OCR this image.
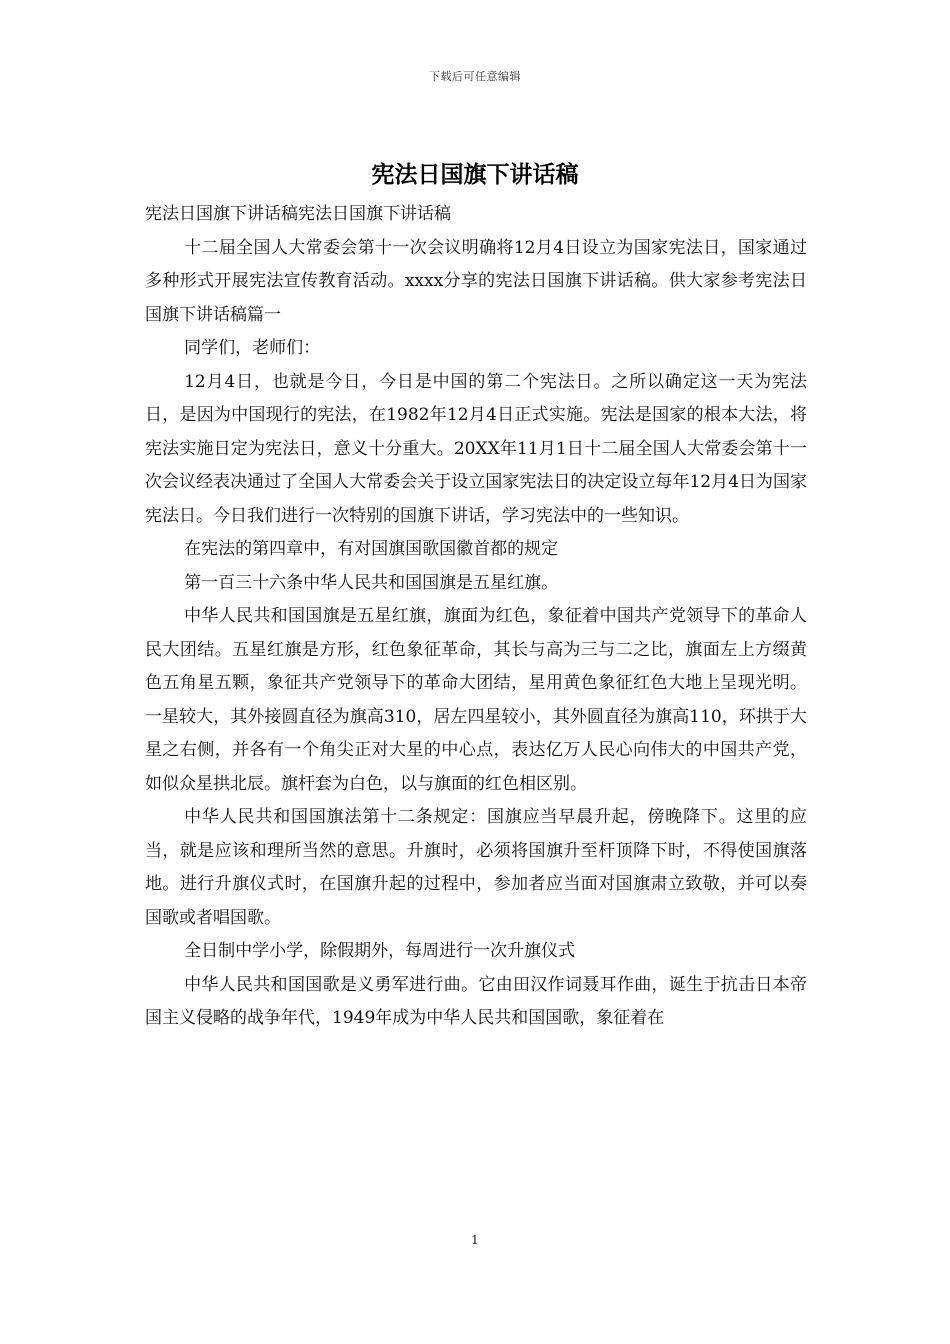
下载后可任意编辑
宪法日国旗下讲话稿

宪法日国旗下讲话稿宪法日国旗下讲话稿

十二届全国人大常委会第十一次会议明确将12月4日设立为国家宪法日，国家通过多种形式开展宪法宣传教育活动。xxxx分享的宪法日国旗下讲话稿。供大家参考宪法日国旗下讲话稿篇一

同学们，老师们：

12月4日，也就是今日，今日是中国的第二个宪法日。之所以确定这一天为宪法日，是因为中国现行的宪法，在1982年12月4日正式实施。宪法是国家的根本大法，将宪法实施日定为宪法日，意义十分重大。20XX年11月1日十二届全国人大常委会第十一次会议经表决通过了全国人大常委会关于设立国家宪法日的决定设立每年12月4日为国家宪法日。今日我们进行一次特别的国旗下讲话，学习宪法中的一些知识。

在宪法的第四章中，有对国旗国歌国徽首都的规定

第一百三十六条中华人民共和国国旗是五星红旗。

中华人民共和国国旗是五星红旗，旗面为红色，象征着中国共产党领导下的革命人民大团结。五星红旗是方形，红色象征革命，其长与高为三与二之比，旗面左上方缀黄色五角星五颗，象征共产党领导下的革命大团结，星用黄色象征红色大地上呈现光明。一星较大，其外接圆直径为旗高310，居左四星较小，其外圆直径为旗高110，环拱于大星之右侧，并各有一个角尖正对大星的中心点，表达亿万人民心向伟大的中国共产党，如似众星拱北辰。旗杆套为白色，以与旗面的红色相区别。

中华人民共和国国旗法第十二条规定：国旗应当早晨升起，傍晚降下。这里的应当，就是应该和理所当然的意思。升旗时，必须将国旗升至杆顶降下时，不得使国旗落地。进行升旗仪式时，在国旗升起的过程中，参加者应当面对国旗肃立致敬，并可以奏国歌或者唱国歌。

全日制中学小学，除假期外，每周进行一次升旗仪式

中华人民共和国国歌是义勇军进行曲。它由田汉作词聂耳作曲，诞生于抗击日本帝国主义侵略的战争年代，1949年成为中华人民共和国国歌，象征着在

1
